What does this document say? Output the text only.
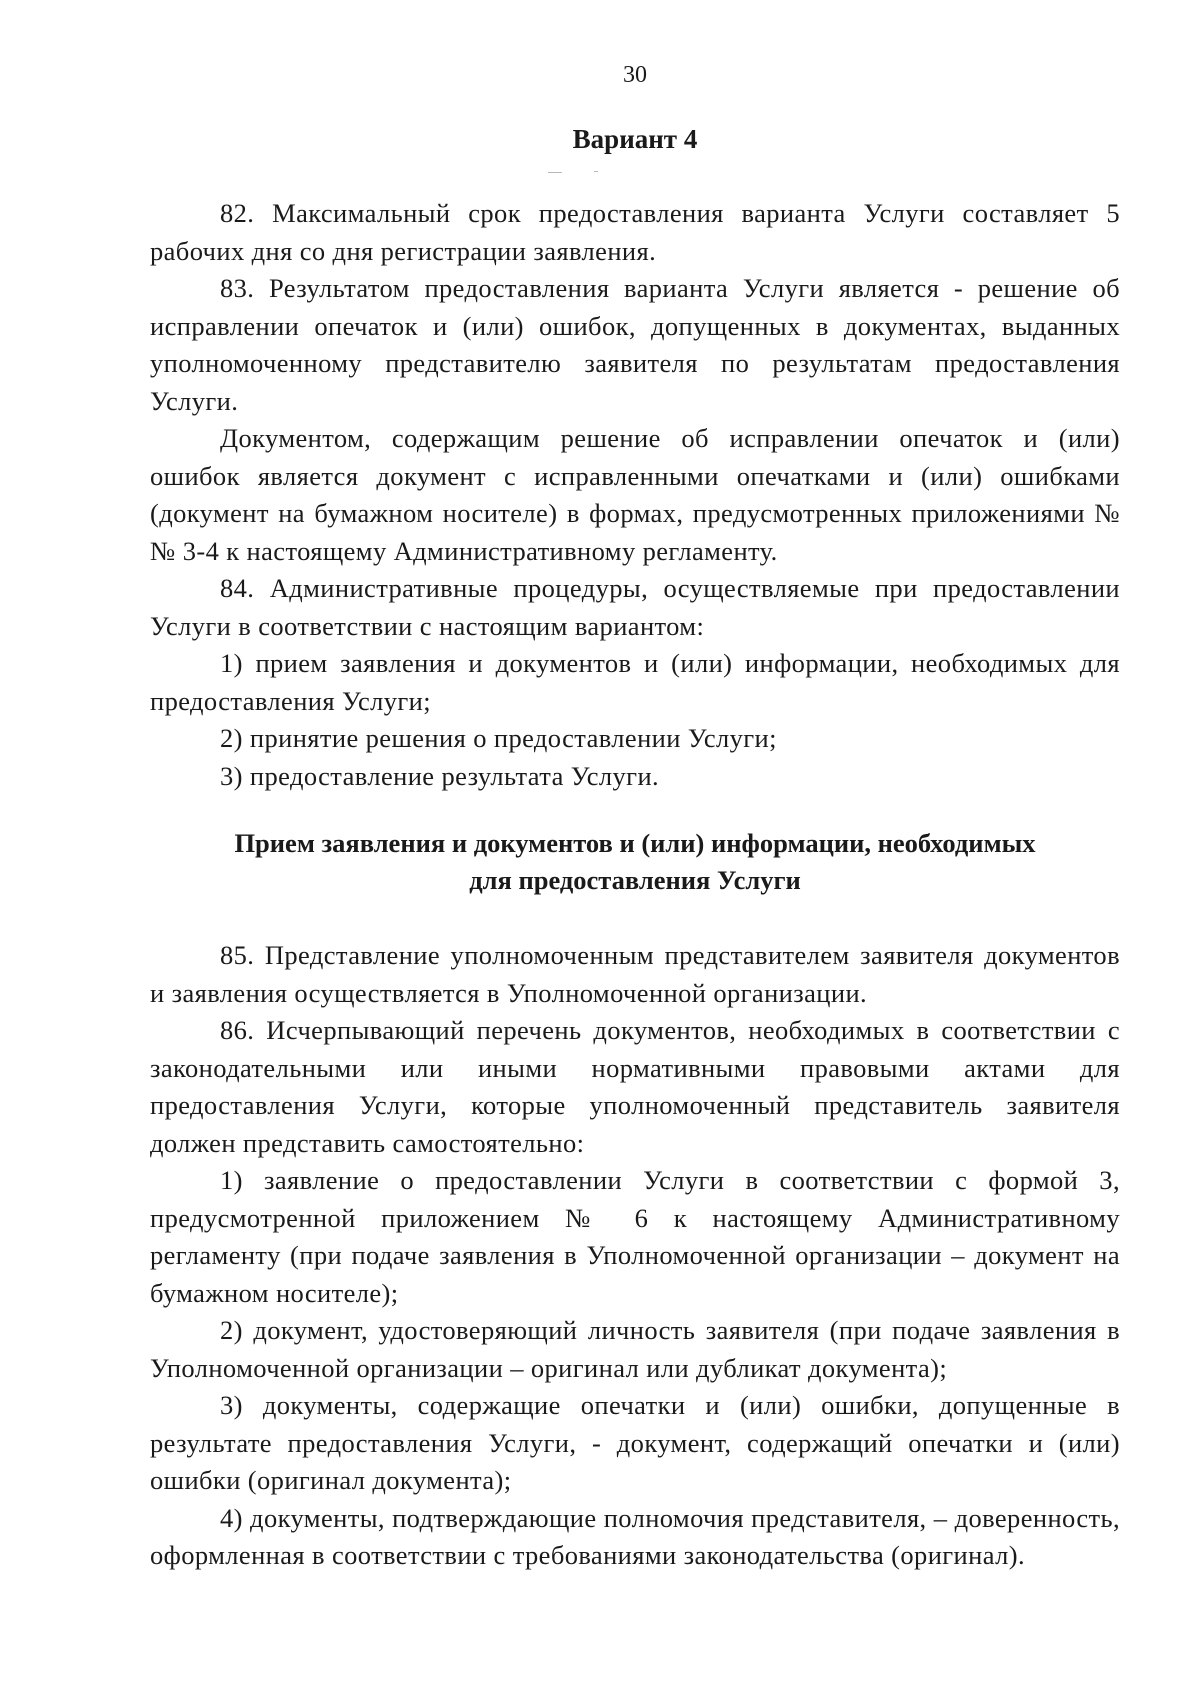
30
Вариант 4

82. Максимальный срок предоставления варианта Услуги составляет 5 рабочих дня со дня регистрации заявления.

83. Результатом предоставления варианта Услуги является - решение об исправлении опечаток и (или) ошибок, допущенных в документах, выданных уполномоченному представителю заявителя по результатам предоставления Услуги.

Документом, содержащим решение об исправлении опечаток и (или) ошибок является документ с исправленными опечатками и (или) ошибками (документ на бумажном носителе) в формах, предусмотренных приложениями №№ 3-4 к настоящему Административному регламенту.

84. Административные процедуры, осуществляемые при предоставлении Услуги в соответствии с настоящим вариантом:

1) прием заявления и документов и (или) информации, необходимых для предоставления Услуги;

2) принятие решения о предоставлении Услуги;

3) предоставление результата Услуги.

Прием заявления и документов и (или) информации, необходимых
для предоставления Услуги

85. Представление уполномоченным представителем заявителя документов и заявления осуществляется в Уполномоченной организации.

86. Исчерпывающий перечень документов, необходимых в соответствии с законодательными или иными нормативными правовыми актами для предоставления Услуги, которые уполномоченный представитель заявителя должен представить самостоятельно:

1) заявление о предоставлении Услуги в соответствии с формой 3, предусмотренной приложением № 6 к настоящему Административному регламенту (при подаче заявления в Уполномоченной организации – документ на бумажном носителе);

2) документ, удостоверяющий личность заявителя (при подаче заявления в Уполномоченной организации – оригинал или дубликат документа);

3) документы, содержащие опечатки и (или) ошибки, допущенные в результате предоставления Услуги, - документ, содержащий опечатки и (или) ошибки (оригинал документа);

4) документы, подтверждающие полномочия представителя, – доверенность, оформленная в соответствии с требованиями законодательства (оригинал).
